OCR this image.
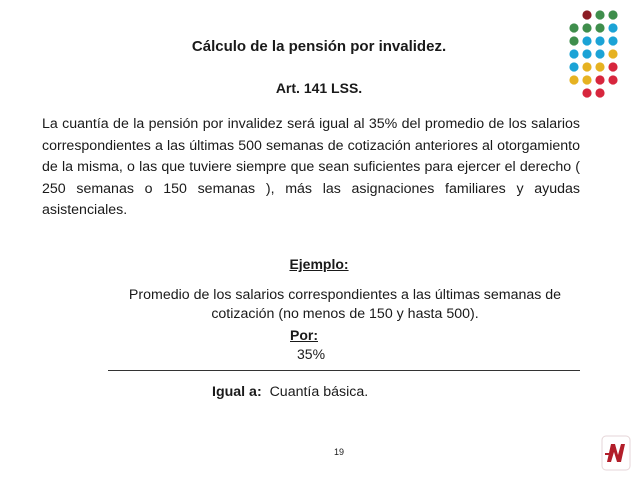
Cálculo de la pensión por invalidez.
Art. 141 LSS.
La cuantía de la pensión por invalidez será igual al 35% del promedio de los salarios correspondientes a las últimas 500 semanas de cotización anteriores al otorgamiento de la misma, o las que tuviere siempre que sean suficientes para ejercer el derecho ( 250 semanas o 150 semanas ), más las asignaciones familiares y ayudas asistenciales.
Ejemplo:
Promedio de los salarios correspondientes a las últimas semanas de cotización (no menos de 150 y hasta 500).
Por:
35%
Igual a: Cuantía básica.
19
